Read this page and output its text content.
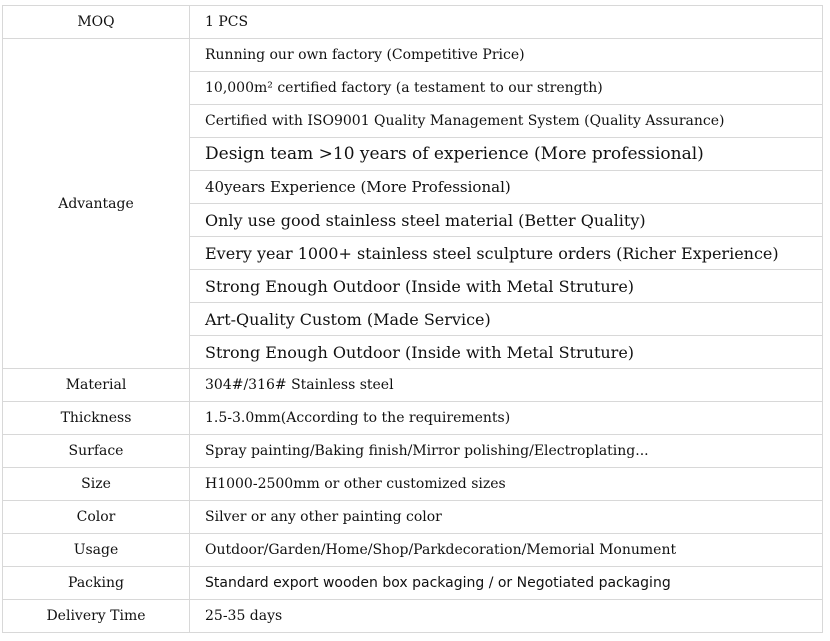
MOQ	1 PCS
Advantage	Running our own factory (Competitive Price)
	10,000m² certified factory (a testament to our strength)
	Certified with ISO9001 Quality Management System (Quality Assurance)
	Design team >10 years of experience (More professional)
	40years Experience (More Professional)
	Only use good stainless steel material (Better Quality)
	Every year 1000+ stainless steel sculpture orders (Richer Experience)
	Strong Enough Outdoor (Inside with Metal Struture)
	Art-Quality Custom (Made Service)
	Strong Enough Outdoor (Inside with Metal Struture)
Material	304#/316# Stainless steel
Thickness	1.5-3.0mm(According to the requirements)
Surface	Spray painting/Baking finish/Mirror polishing/Electroplating...
Size	H1000-2500mm or other customized sizes
Color	Silver or any other painting color
Usage	Outdoor/Garden/Home/Shop/Parkdecoration/Memorial Monument
Packing	Standard export wooden box packaging / or Negotiated packaging
Delivery Time	25-35 days
